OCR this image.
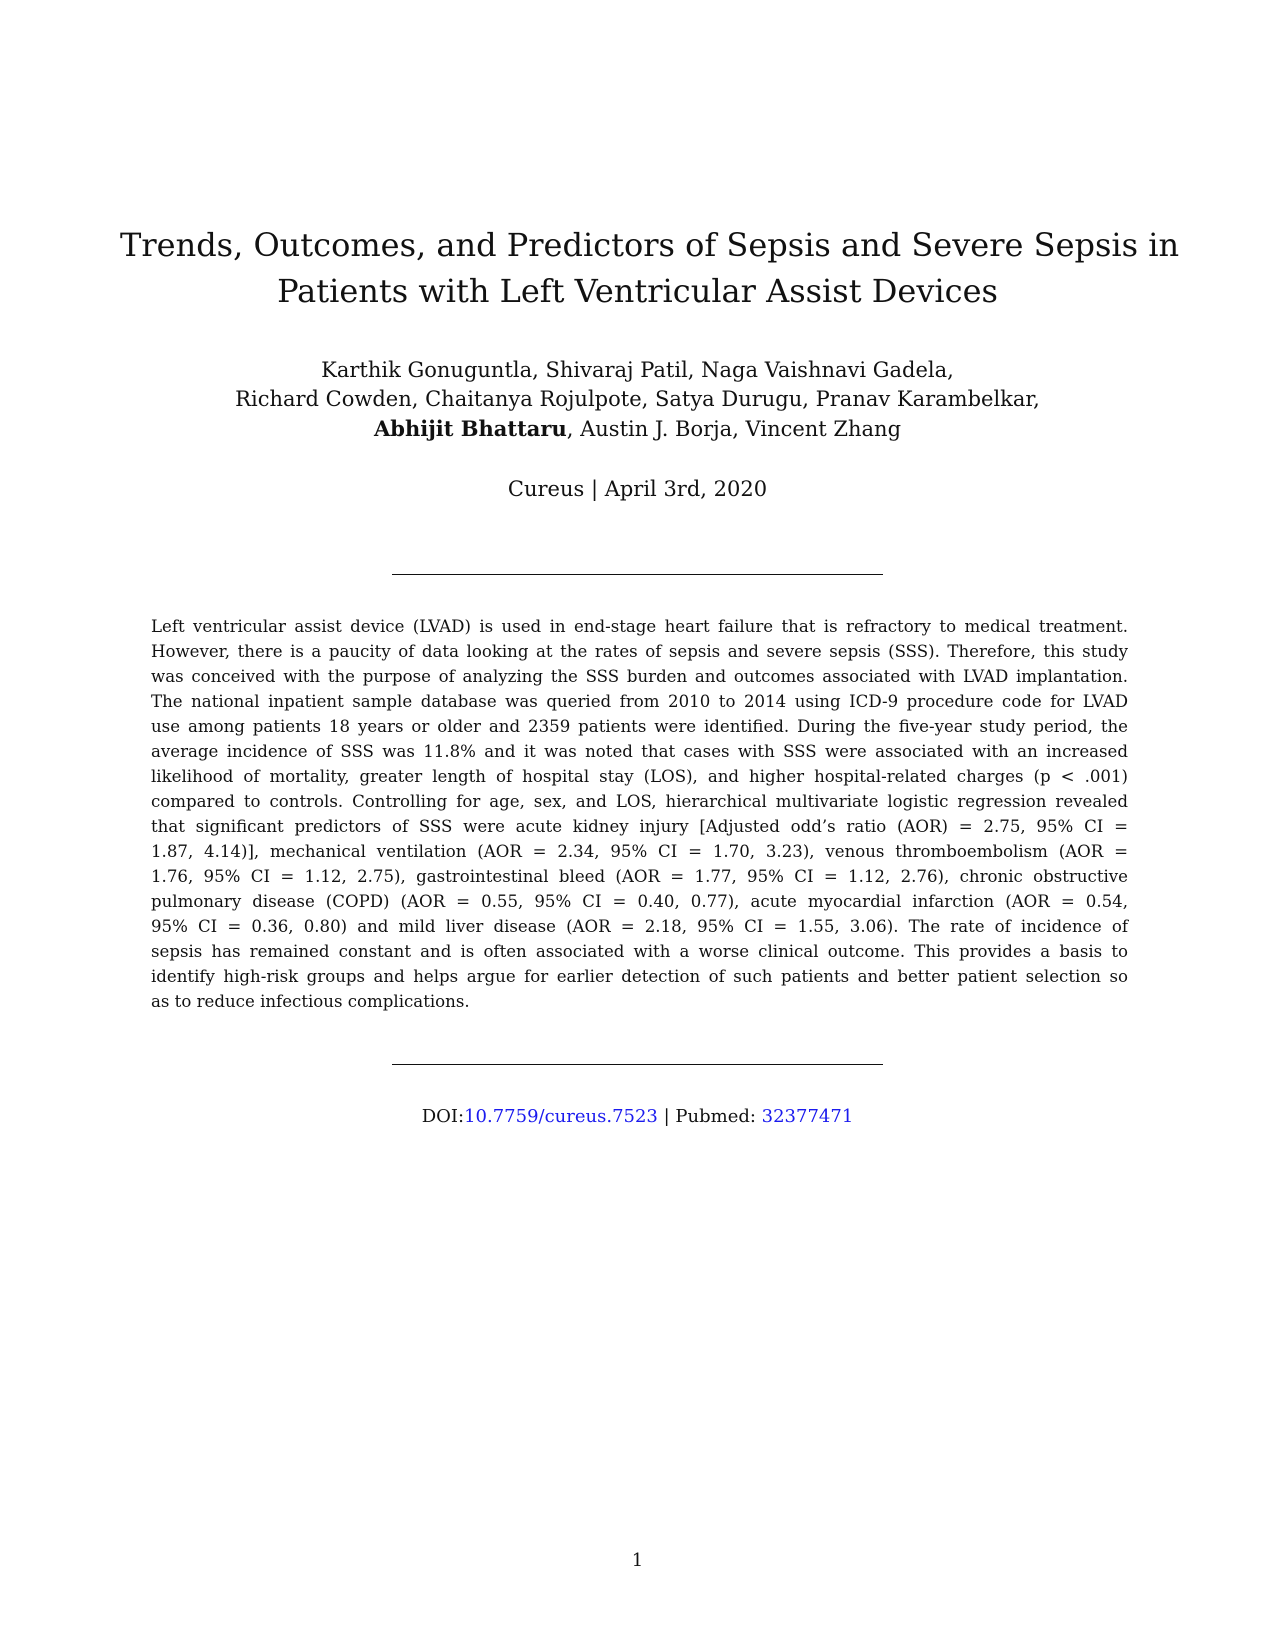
Trends, Outcomes, and Predictors of Sepsis and Severe Sepsis in
Patients with Left Ventricular Assist Devices
Karthik Gonuguntla, Shivaraj Patil, Naga Vaishnavi Gadela,
Richard Cowden, Chaitanya Rojulpote, Satya Durugu, Pranav Karambelkar,
Abhijit Bhattaru, Austin J. Borja, Vincent Zhang
Cureus | April 3rd, 2020
Left ventricular assist device (LVAD) is used in end-stage heart failure that is refractory to medical treatment.
However, there is a paucity of data looking at the rates of sepsis and severe sepsis (SSS). Therefore, this study
was conceived with the purpose of analyzing the SSS burden and outcomes associated with LVAD implantation.
The national inpatient sample database was queried from 2010 to 2014 using ICD-9 procedure code for LVAD
use among patients 18 years or older and 2359 patients were identified. During the five-year study period, the
average incidence of SSS was 11.8% and it was noted that cases with SSS were associated with an increased
likelihood of mortality, greater length of hospital stay (LOS), and higher hospital-related charges (p < .001)
compared to controls. Controlling for age, sex, and LOS, hierarchical multivariate logistic regression revealed
that significant predictors of SSS were acute kidney injury [Adjusted odd’s ratio (AOR) = 2.75, 95% CI =
1.87, 4.14)], mechanical ventilation (AOR = 2.34, 95% CI = 1.70, 3.23), venous thromboembolism (AOR =
1.76, 95% CI = 1.12, 2.75), gastrointestinal bleed (AOR = 1.77, 95% CI = 1.12, 2.76), chronic obstructive
pulmonary disease (COPD) (AOR = 0.55, 95% CI = 0.40, 0.77), acute myocardial infarction (AOR = 0.54,
95% CI = 0.36, 0.80) and mild liver disease (AOR = 2.18, 95% CI = 1.55, 3.06). The rate of incidence of
sepsis has remained constant and is often associated with a worse clinical outcome. This provides a basis to
identify high-risk groups and helps argue for earlier detection of such patients and better patient selection so
as to reduce infectious complications.
DOI:10.7759/cureus.7523 | Pubmed: 32377471
1
